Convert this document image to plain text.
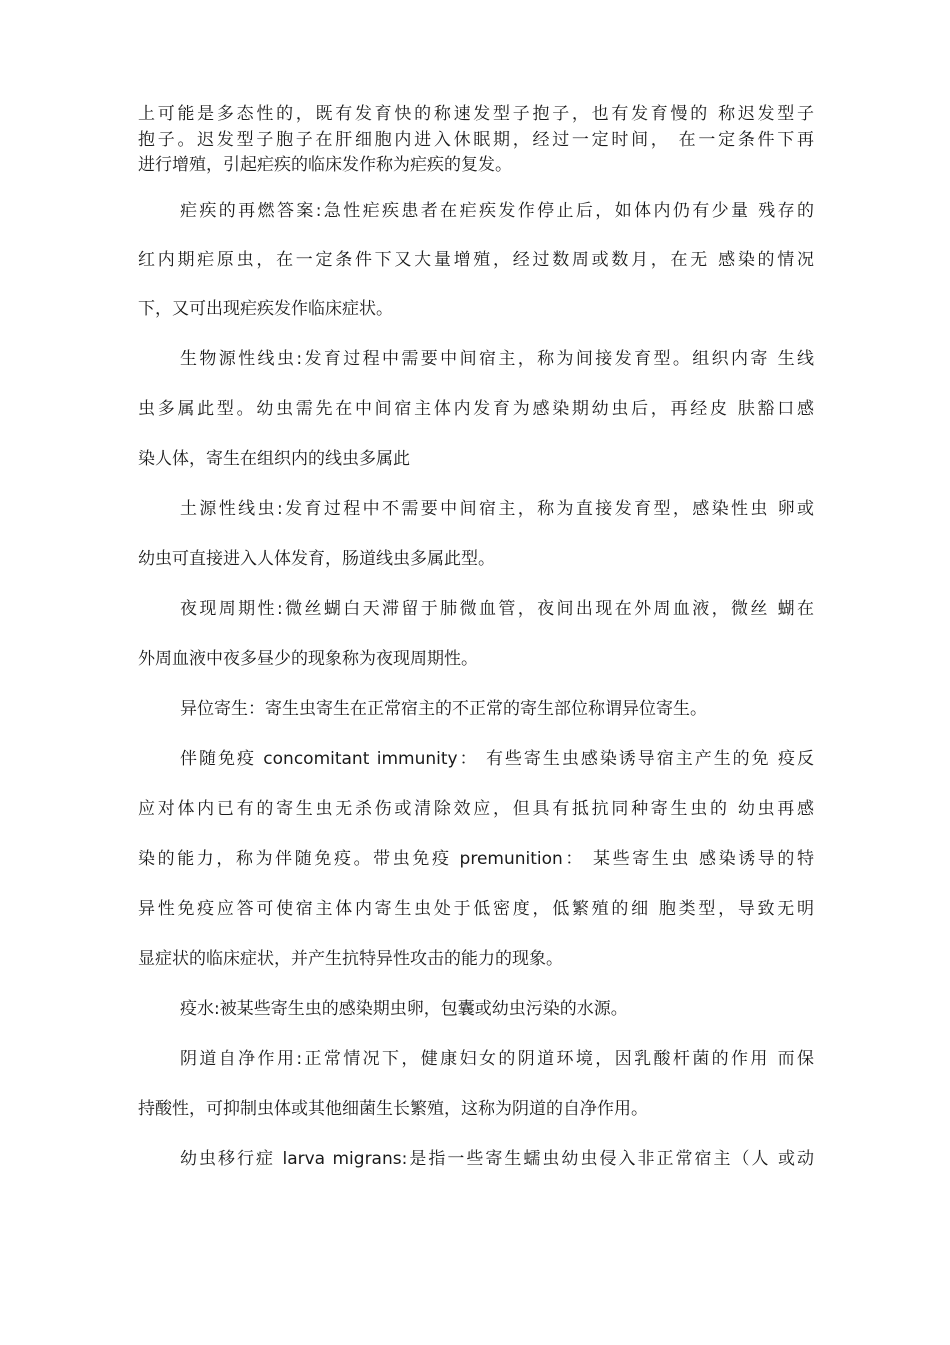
上可能是多态性的，既有发育快的称速发型子抱子，也有发育慢的 称迟发型子
抱子。迟发型子胞子在肝细胞内进入休眠期，经过一定时间， 在一定条件下再
进行增殖，引起疟疾的临床发作称为疟疾的复发。
疟疾的再燃答案:急性疟疾患者在疟疾发作停止后，如体内仍有少量 残存的
红内期疟原虫，在一定条件下又大量增殖，经过数周或数月，在无 感染的情况
下，又可出现疟疾发作临床症状。
生物源性线虫:发育过程中需要中间宿主，称为间接发育型。组织内寄 生线
虫多属此型。幼虫需先在中间宿主体内发育为感染期幼虫后，再经皮 肤豁口感
染人体，寄生在组织内的线虫多属此
土源性线虫:发育过程中不需要中间宿主，称为直接发育型，感染性虫 卵或
幼虫可直接进入人体发育，肠道线虫多属此型。
夜现周期性:微丝蝴白天滞留于肺微血管，夜间出现在外周血液，微丝 蝴在
外周血液中夜多昼少的现象称为夜现周期性。
异位寄生：寄生虫寄生在正常宿主的不正常的寄生部位称谓异位寄生。
伴随免疫 concomitant immunity： 有些寄生虫感染诱导宿主产生的免 疫反
应对体内已有的寄生虫无杀伤或清除效应，但具有抵抗同种寄生虫的 幼虫再感
染的能力，称为伴随免疫。带虫免疫 premunition： 某些寄生虫 感染诱导的特
异性免疫应答可使宿主体内寄生虫处于低密度，低繁殖的细 胞类型，导致无明
显症状的临床症状，并产生抗特异性攻击的能力的现象。
疫水:被某些寄生虫的感染期虫卵，包囊或幼虫污染的水源。
阴道自净作用:正常情况下，健康妇女的阴道环境，因乳酸杆菌的作用 而保
持酸性，可抑制虫体或其他细菌生长繁殖，这称为阴道的自净作用。
幼虫移行症 larva migrans:是指一些寄生蠕虫幼虫侵入非正常宿主（人 或动
